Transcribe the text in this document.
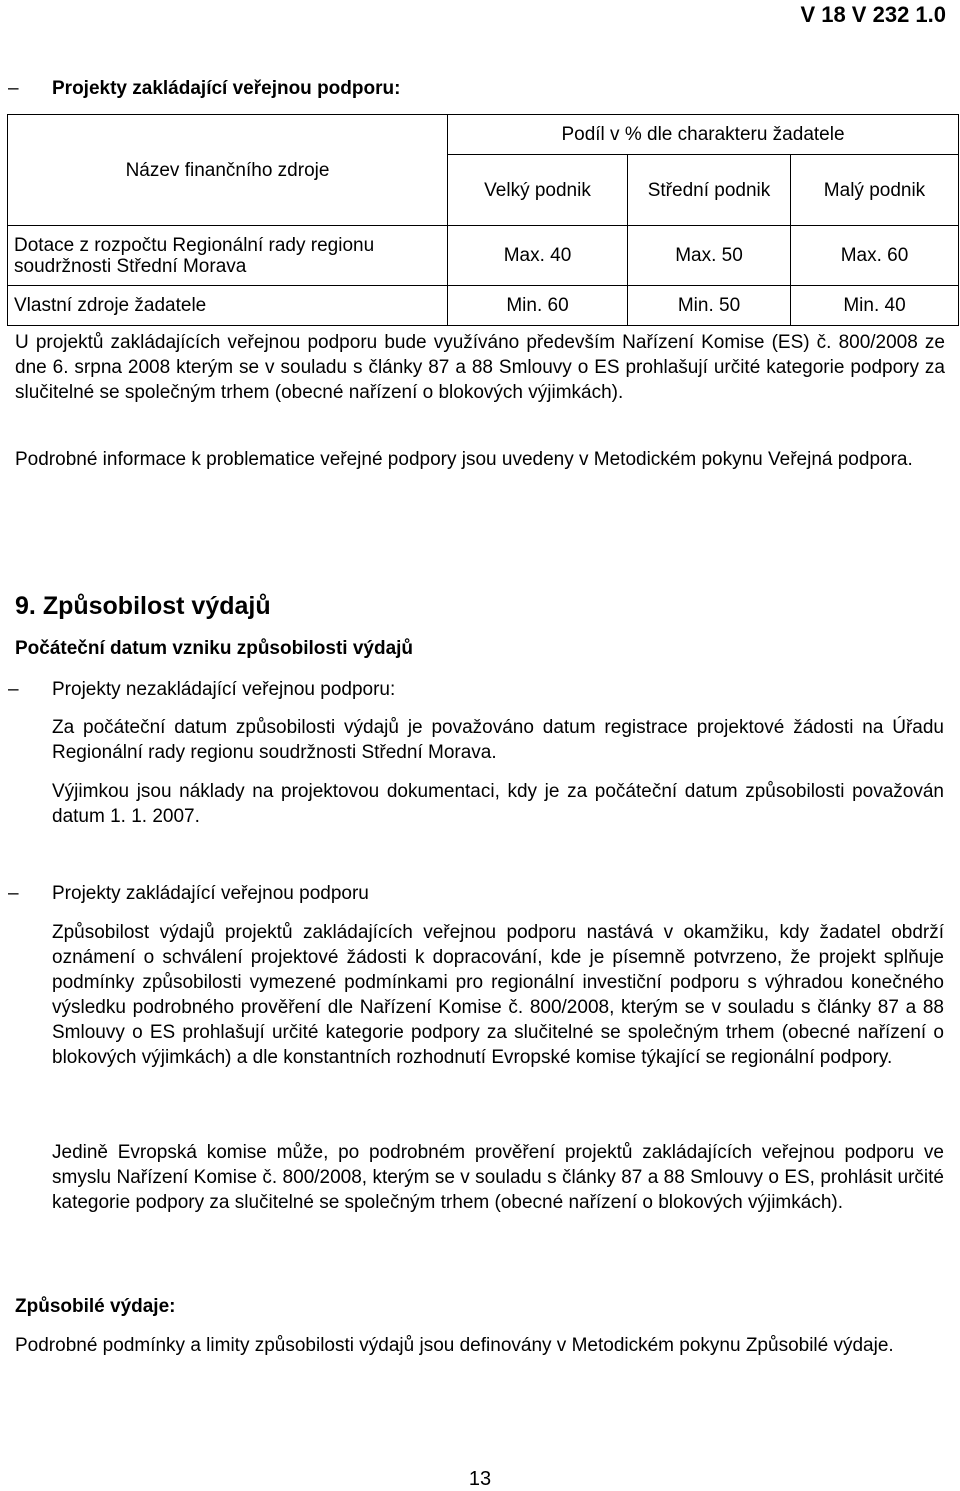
V 18 V 232 1.0
–	Projekty zakládající veřejnou podporu:
Název finančního zdroje	Podíl v % dle charakteru žadatele		
	Velký podnik	Střední podnik	Malý podnik
Dotace z rozpočtu Regionální rady regionu soudržnosti Střední Morava	Max. 40	Max. 50	Max. 60
Vlastní zdroje žadatele	Min. 60	Min. 50	Min. 40
U projektů zakládajících veřejnou podporu bude využíváno především Nařízení Komise (ES) č. 800/2008 ze dne 6. srpna 2008 kterým se v souladu s články 87 a 88 Smlouvy o ES prohlašují určité kategorie podpory za slučitelné se společným trhem (obecné nařízení o blokových výjimkách).
Podrobné informace k problematice veřejné podpory jsou uvedeny v Metodickém pokynu Veřejná podpora.
9. Způsobilost výdajů
Počáteční datum vzniku způsobilosti výdajů
–	Projekty nezakládající veřejnou podporu:
Za počáteční datum způsobilosti výdajů je považováno datum registrace projektové žádosti na Úřadu Regionální rady regionu soudržnosti Střední Morava.
Výjimkou jsou náklady na projektovou dokumentaci, kdy je za počáteční datum způsobilosti považován datum 1. 1. 2007.
–	Projekty zakládající veřejnou podporu
Způsobilost výdajů projektů zakládajících veřejnou podporu nastává v okamžiku, kdy žadatel obdrží oznámení o schválení projektové žádosti k dopracování, kde je písemně potvrzeno, že projekt splňuje podmínky způsobilosti vymezené podmínkami pro regionální investiční podporu s výhradou konečného výsledku podrobného prověření dle Nařízení Komise č. 800/2008, kterým se v souladu s články 87 a 88 Smlouvy o ES prohlašují určité kategorie podpory za slučitelné se společným trhem (obecné nařízení o blokových výjimkách) a dle konstantních rozhodnutí Evropské komise týkající se regionální podpory.
Jedině Evropská komise může, po podrobném prověření projektů zakládajících veřejnou podporu ve smyslu Nařízení Komise č. 800/2008, kterým se v souladu s články 87 a 88 Smlouvy o ES, prohlásit určité kategorie podpory za slučitelné se společným trhem (obecné nařízení o blokových výjimkách).
Způsobilé výdaje:
Podrobné podmínky a limity způsobilosti výdajů jsou definovány v Metodickém pokynu Způsobilé výdaje.
13
